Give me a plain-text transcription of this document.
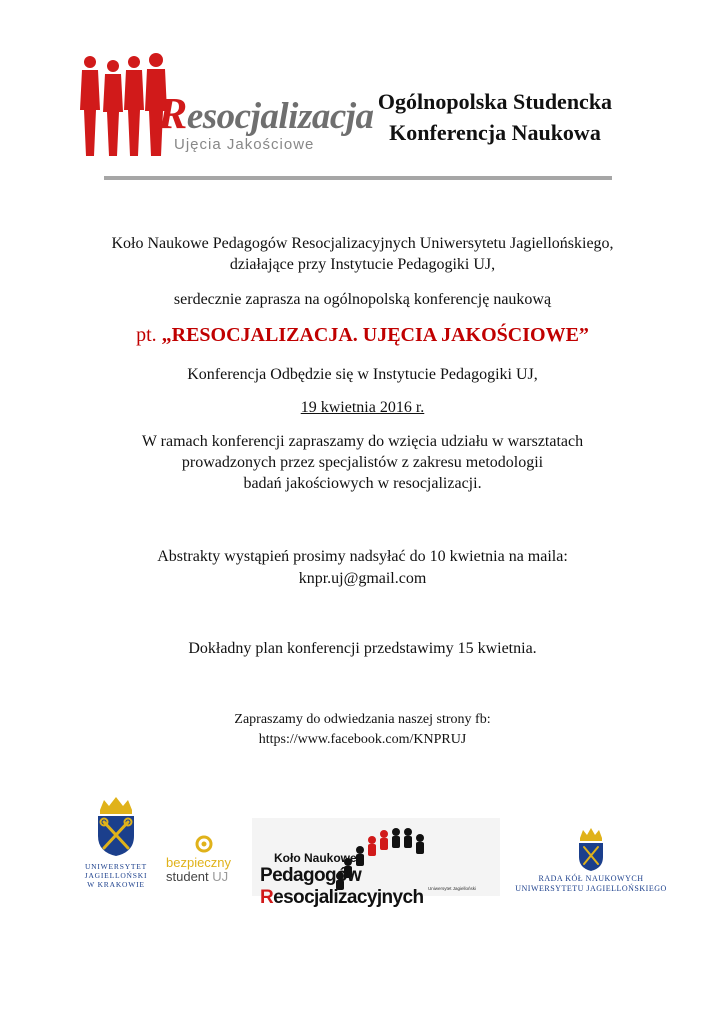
Resocjalizacja
Ujęcia Jakościowe
Ogólnopolska Studencka
Konferencja Naukowa
Koło Naukowe Pedagogów Resocjalizacyjnych Uniwersytetu Jagiellońskiego,
działające przy Instytucie Pedagogiki UJ,
serdecznie zaprasza na ogólnopolską konferencję naukową
pt. „RESOCJALIZACJA. UJĘCIA JAKOŚCIOWE”
Konferencja Odbędzie się w Instytucie Pedagogiki UJ,
19 kwietnia 2016 r.
W ramach konferencji zapraszamy do wzięcia udziału w warsztatach
prowadzonych przez specjalistów z zakresu metodologii
badań jakościowych w resocjalizacji.
Abstrakty wystąpień prosimy nadsyłać do 10 kwietnia na maila:
knpr.uj@gmail.com
Dokładny plan konferencji przedstawimy 15 kwietnia.
Zapraszamy do odwiedzania naszej strony fb:
https://www.facebook.com/KNPRUJ
UNIWERSYTET
JAGIELLOŃSKI
W KRAKOWIE
bezpieczny
student UJ
Koło Naukowe
Pedagogów Resocjalizacyjnych	Uniwersytet Jagielloński
RADA KÓŁ NAUKOWYCH
UNIWERSYTETU JAGIELLOŃSKIEGO
